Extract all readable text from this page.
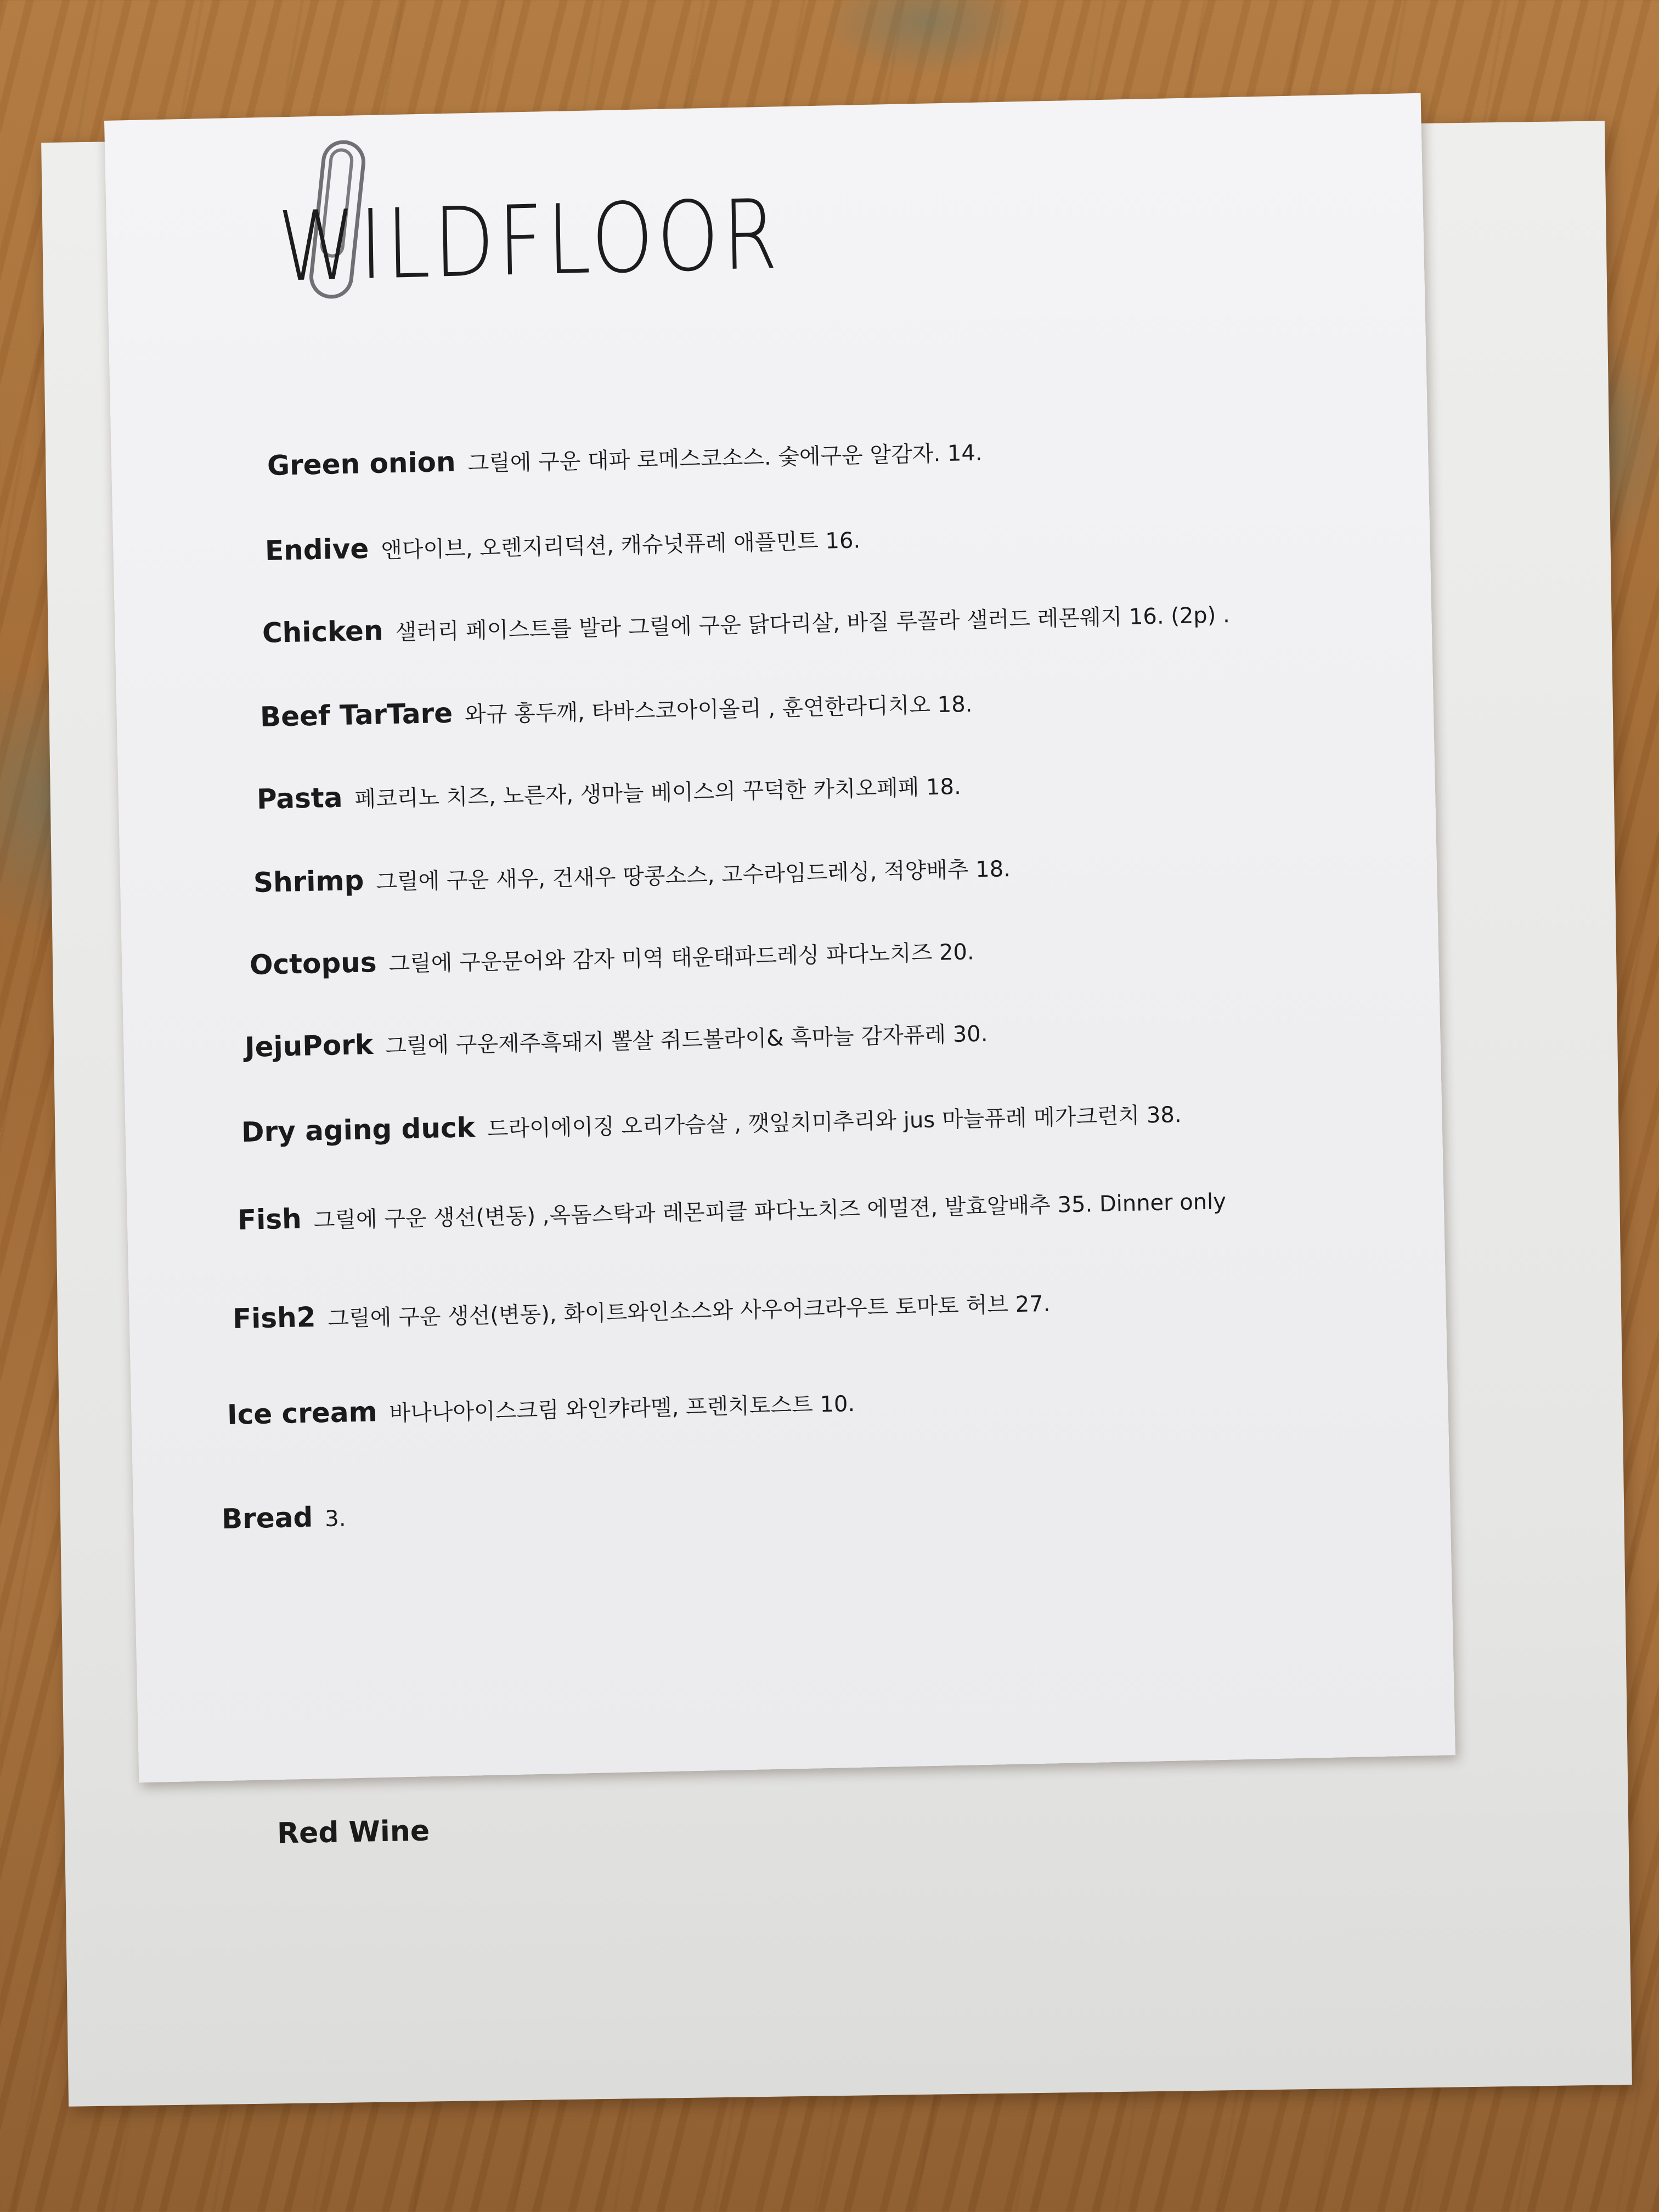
WILDFLOOR
Green onion 그릴에 구운 대파 로메스코소스. 숯에구운 알감자. 14.
Endive 앤다이브, 오렌지리덕션, 캐슈넛퓨레 애플민트 16.
Chicken 샐러리 페이스트를 발라 그릴에 구운 닭다리살, 바질 루꼴라 샐러드 레몬웨지 16. (2p) .
Beef TarTare 와규 홍두깨, 타바스코아이올리 , 훈연한라디치오 18.
Pasta 페코리노 치즈, 노른자, 생마늘 베이스의 꾸덕한 카치오페페 18.
Shrimp 그릴에 구운 새우, 건새우 땅콩소스, 고수라임드레싱, 적양배추 18.
Octopus 그릴에 구운문어와 감자 미역 태운태파드레싱 파다노치즈 20.
JejuPork 그릴에 구운제주흑돼지 뽈살 쥐드볼라이& 흑마늘 감자퓨레 30.
Dry aging duck 드라이에이징 오리가슴살 , 깻잎치미추리와 jus 마늘퓨레 메가크런치 38.
Fish 그릴에 구운 생선(변동) ,옥돔스탁과 레몬피클 파다노치즈 에멀젼, 발효알배추 35. Dinner only
Fish2 그릴에 구운 생선(변동), 화이트와인소스와 사우어크라우트 토마토 허브 27.
Ice cream 바나나아이스크림 와인캬라멜, 프렌치토스트 10.
Bread 3.
Red Wine
